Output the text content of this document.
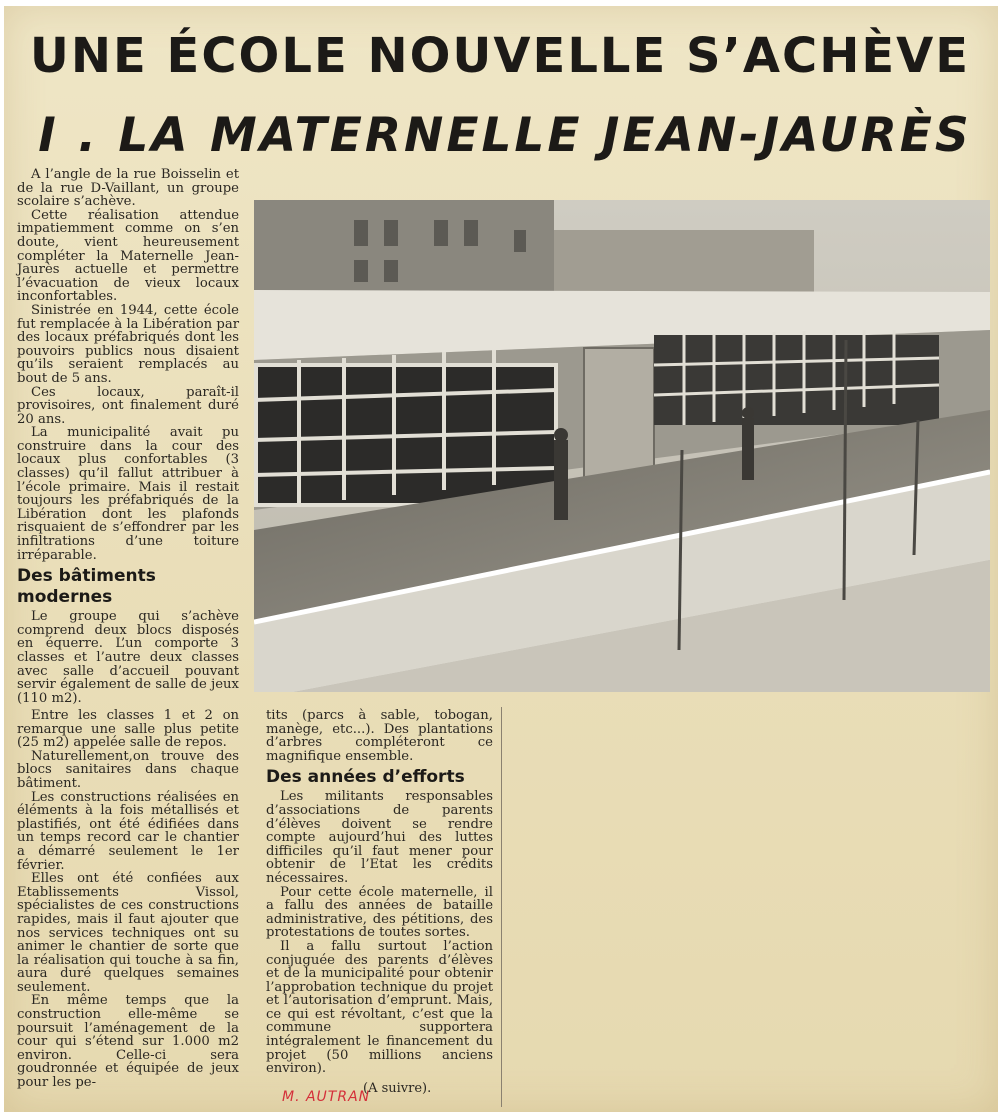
UNE ÉCOLE NOUVELLE S’ACHÈVE
I . LA MATERNELLE JEAN-JAURÈS

A l’angle de la rue Boisselin et de la rue D-Vaillant, un groupe scolaire s’achève.

Cette réalisation attendue impatiemment comme on s’en doute, vient heureusement compléter la Maternelle Jean-Jaurès actuelle et permettre l’évacuation de vieux locaux inconfortables.

Sinistrée en 1944, cette école fut remplacée à la Libération par des locaux préfabriqués dont les pouvoirs publics nous disaient qu’ils seraient remplacés au bout de 5 ans.

Ces locaux, paraît-il provisoires, ont finalement duré 20 ans.

La municipalité avait pu construire dans la cour des locaux plus confortables (3 classes) qu’il fallut attribuer à l’école primaire. Mais il restait toujours les préfabriqués de la Libération dont les plafonds risquaient de s’effondrer par les infiltrations d’une toiture irréparable.

Des bâtiments modernes

Le groupe qui s’achève comprend deux blocs disposés en équerre. L’un comporte 3 classes et l’autre deux classes avec salle d’accueil pouvant servir également de salle de jeux (110 m2).

Entre les classes 1 et 2 on remarque une salle plus petite (25 m2) appelée salle de repos.

Naturellement,on trouve des blocs sanitaires dans chaque bâtiment.

Les constructions réalisées en éléments à la fois métallisés et plastifiés, ont été édifiées dans un temps record car le chantier a démarré seulement le 1er février.

Elles ont été confiées aux Etablissements Vissol, spécialistes de ces constructions rapides, mais il faut ajouter que nos services techniques ont su animer le chantier de sorte que la réalisation qui touche à sa fin, aura duré quelques semaines seulement.

En même temps que la construction elle-même se poursuit l’aménagement de la cour qui s’étend sur 1.000 m2 environ. Celle-ci sera goudronnée et équipée de jeux pour les pe-

tits (parcs à sable, tobogan, manège, etc...). Des plantations d’arbres compléteront ce magnifique ensemble.

Des années d’efforts

Les militants responsables d’associations de parents d’élèves doivent se rendre compte aujourd’hui des luttes difficiles qu’il faut mener pour obtenir de l’Etat les crédits nécessaires.

Pour cette école maternelle, il a fallu des années de bataille administrative, des pétitions, des protestations de toutes sortes.

Il a fallu surtout l’action conjuguée des parents d’élèves et de la municipalité pour obtenir l’approbation technique du projet et l’autorisation d’emprunt. Mais, ce qui est révoltant, c’est que la commune supportera intégralement le financement du projet (50 millions anciens environ).

M. AUTRAN
(A suivre).
